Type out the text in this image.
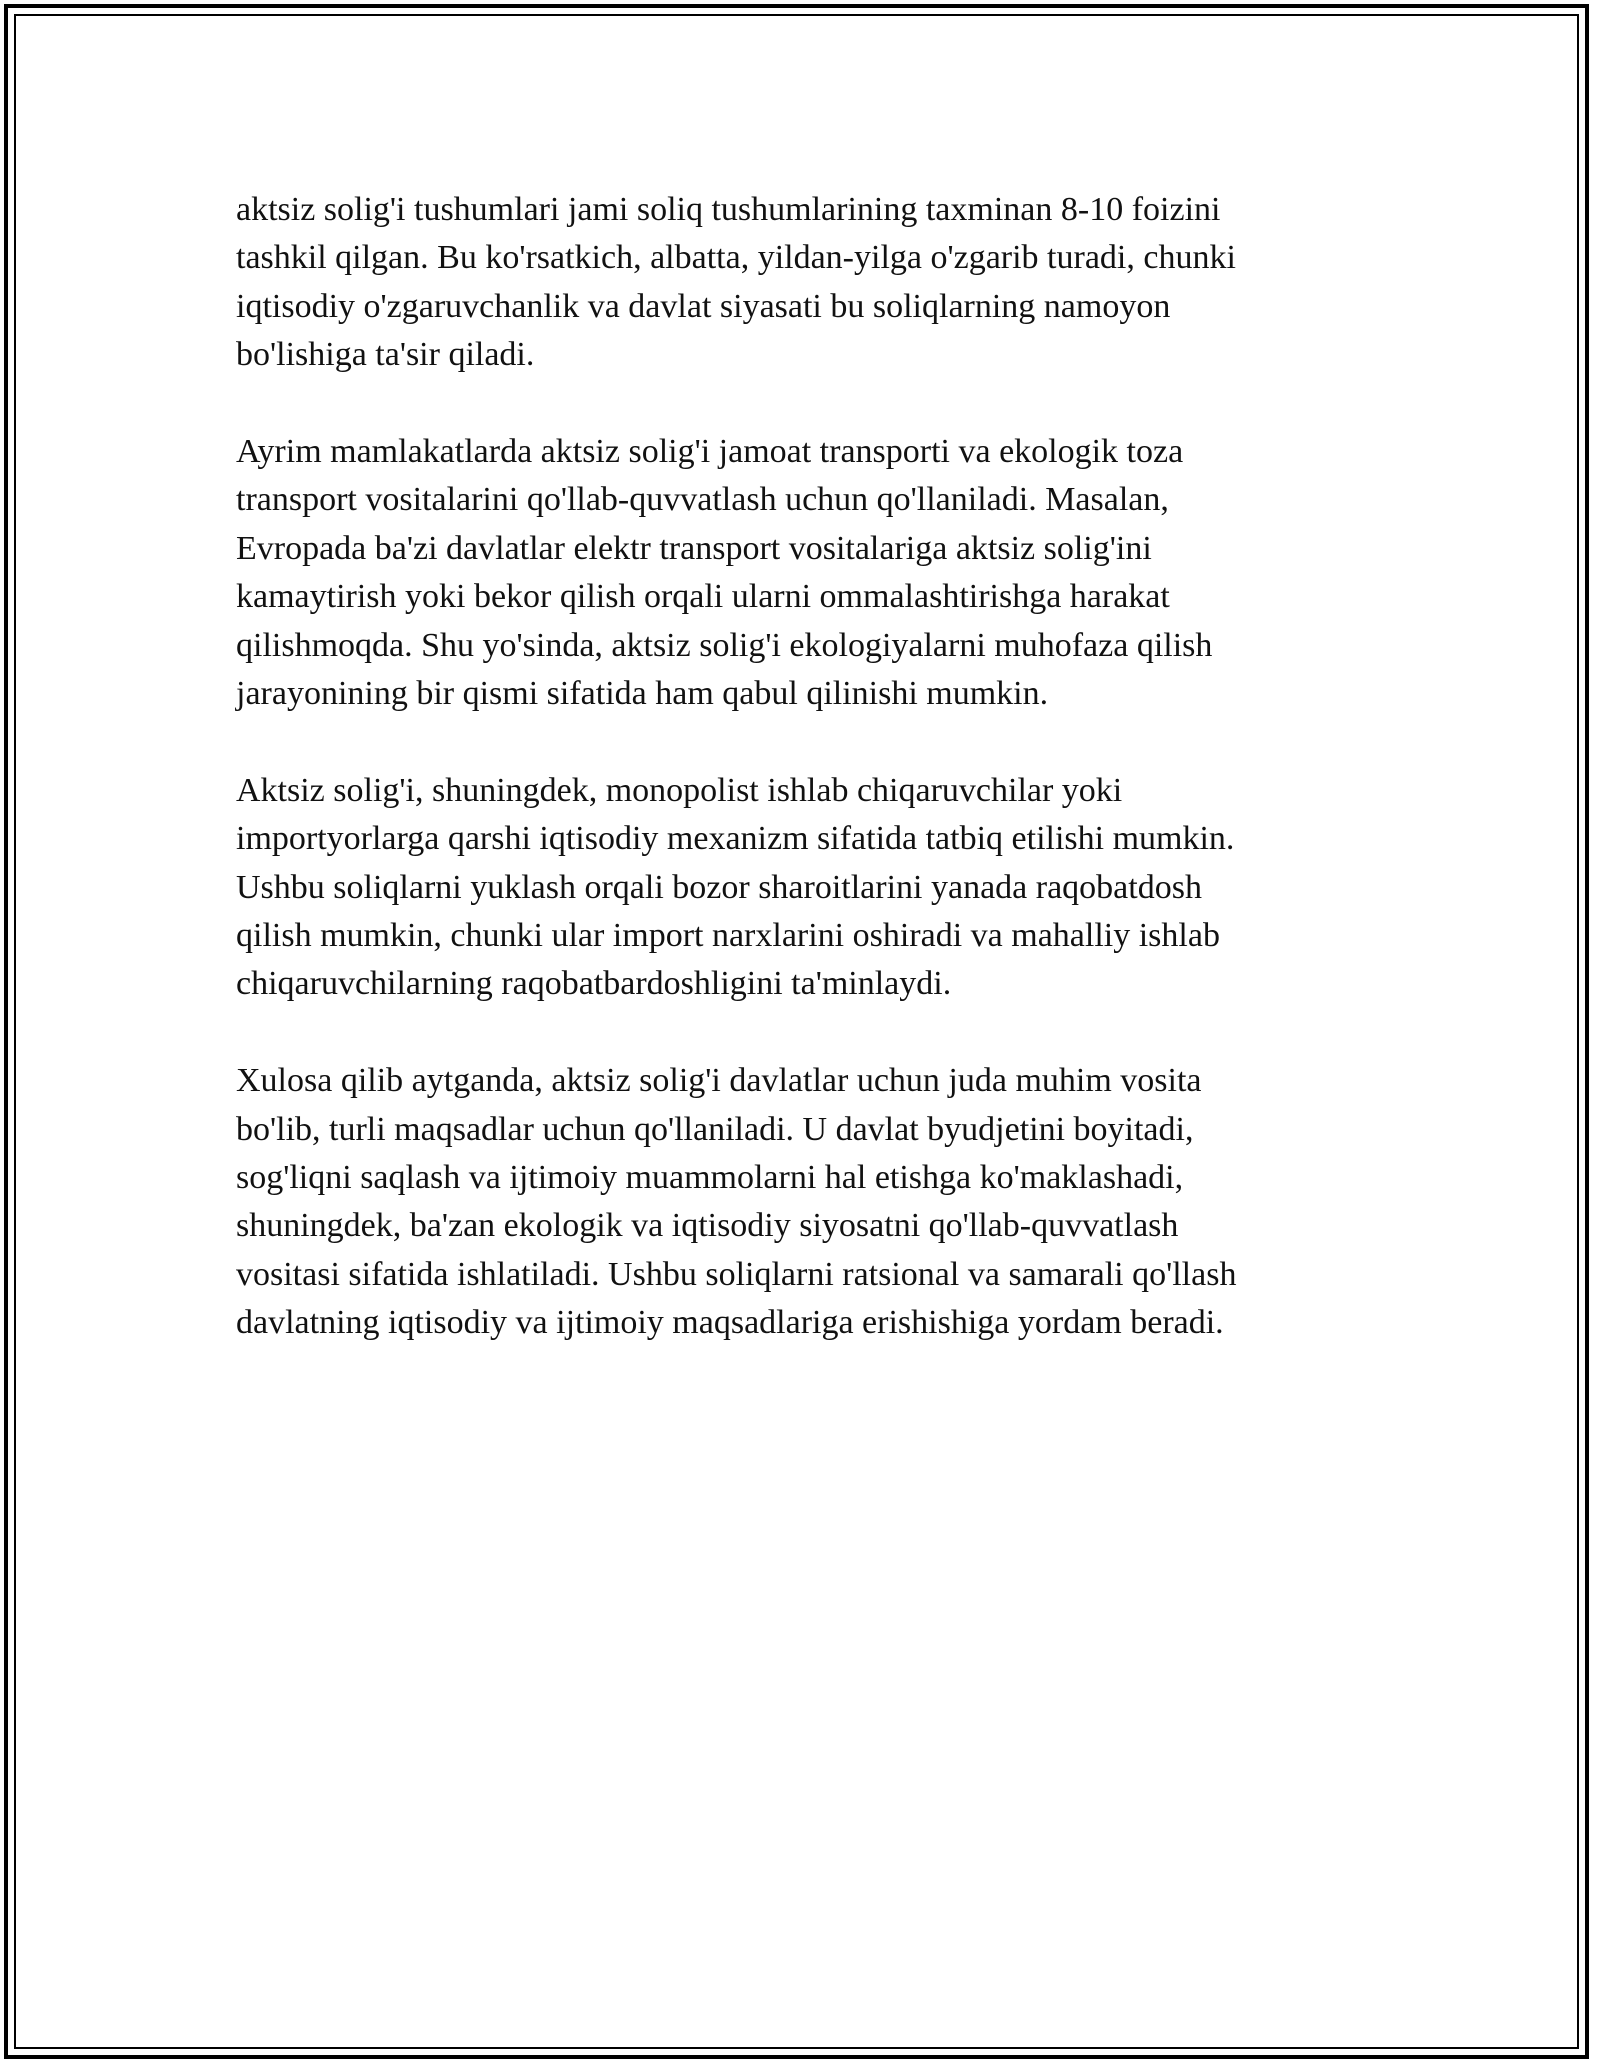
aktsiz solig'i tushumlari jami soliq tushumlarining taxminan 8-10 foizini
tashkil qilgan. Bu ko'rsatkich, albatta, yildan-yilga o'zgarib turadi, chunki
iqtisodiy o'zgaruvchanlik va davlat siyasati bu soliqlarning namoyon
bo'lishiga ta'sir qiladi.

Ayrim mamlakatlarda aktsiz solig'i jamoat transporti va ekologik toza
transport vositalarini qo'llab-quvvatlash uchun qo'llaniladi. Masalan,
Evropada ba'zi davlatlar elektr transport vositalariga aktsiz solig'ini
kamaytirish yoki bekor qilish orqali ularni ommalashtirishga harakat
qilishmoqda. Shu yo'sinda, aktsiz solig'i ekologiyalarni muhofaza qilish
jarayonining bir qismi sifatida ham qabul qilinishi mumkin.

Aktsiz solig'i, shuningdek, monopolist ishlab chiqaruvchilar yoki
importyorlarga qarshi iqtisodiy mexanizm sifatida tatbiq etilishi mumkin.
Ushbu soliqlarni yuklash orqali bozor sharoitlarini yanada raqobatdosh
qilish mumkin, chunki ular import narxlarini oshiradi va mahalliy ishlab
chiqaruvchilarning raqobatbardoshligini ta'minlaydi.

Xulosa qilib aytganda, aktsiz solig'i davlatlar uchun juda muhim vosita
bo'lib, turli maqsadlar uchun qo'llaniladi. U davlat byudjetini boyitadi,
sog'liqni saqlash va ijtimoiy muammolarni hal etishga ko'maklashadi,
shuningdek, ba'zan ekologik va iqtisodiy siyosatni qo'llab-quvvatlash
vositasi sifatida ishlatiladi. Ushbu soliqlarni ratsional va samarali qo'llash
davlatning iqtisodiy va ijtimoiy maqsadlariga erishishiga yordam beradi.
